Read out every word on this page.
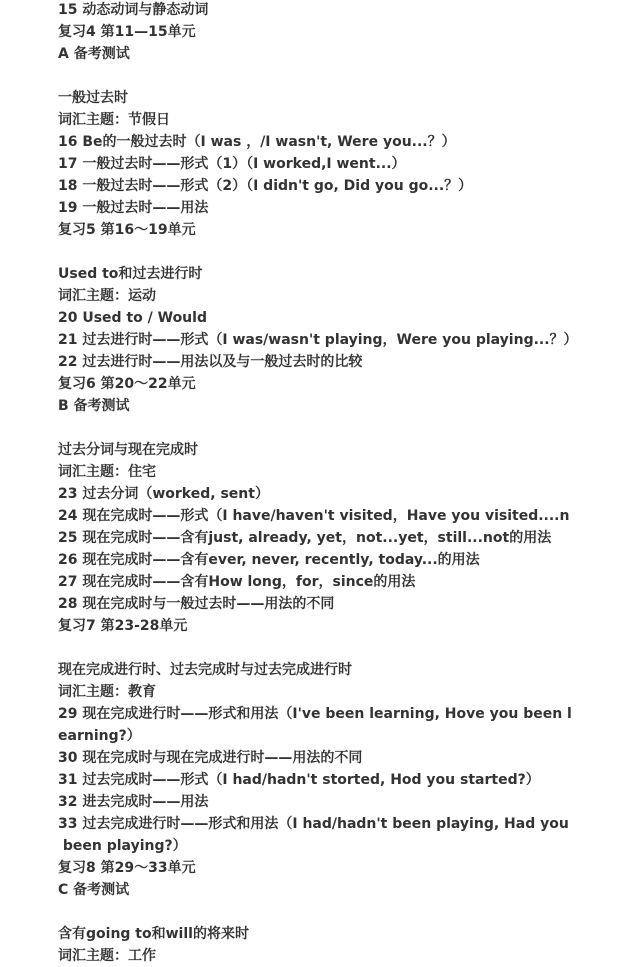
15 动态动词与静态动词
复习4 第11—15单元
A 备考测试
一般过去时
词汇主题：节假日
16 Be的一般过去时（I was ，/I wasn't, Were you...？）
17 一般过去时——形式（1）（I worked,I went...）
18 一般过去时——形式（2）（I didn't go, Did you go...？）
19 一般过去时——用法
复习5 第16～19单元
Used to和过去进行时
词汇主题：运动
20 Used to / Would
21 过去进行时——形式（I was/wasn't playing，Were you playing...？）
22 过去进行时——用法以及与一般过去时的比较
复习6 第20～22单元
B 备考测试
过去分词与现在完成时
词汇主题：住宅
23 过去分词（worked, sent）
24 现在完成时——形式（I have/haven't visited，Have you visited....n
25 现在完成时——含有just, already, yet，not...yet，still...not的用法
26 现在完成时——含有ever, never, recently, today...的用法
27 现在完成时——含有How long，for，since的用法
28 现在完成时与一般过去时——用法的不同
复习7 第23-28单元
现在完成进行时、过去完成时与过去完成进行时
词汇主题：教育
29 现在完成进行时——形式和用法（I've been learning, Hove you been l
earning?）
30 现在完成时与现在完成进行时——用法的不同
31 过去完成时——形式（I had/hadn't storted, Hod you started?）
32 进去完成时——用法
33 过去完成进行时——形式和用法（I had/hadn't been playing, Had you
been playing?）
复习8 第29～33单元
C 备考测试
含有going to和will的将来时
词汇主题：工作
